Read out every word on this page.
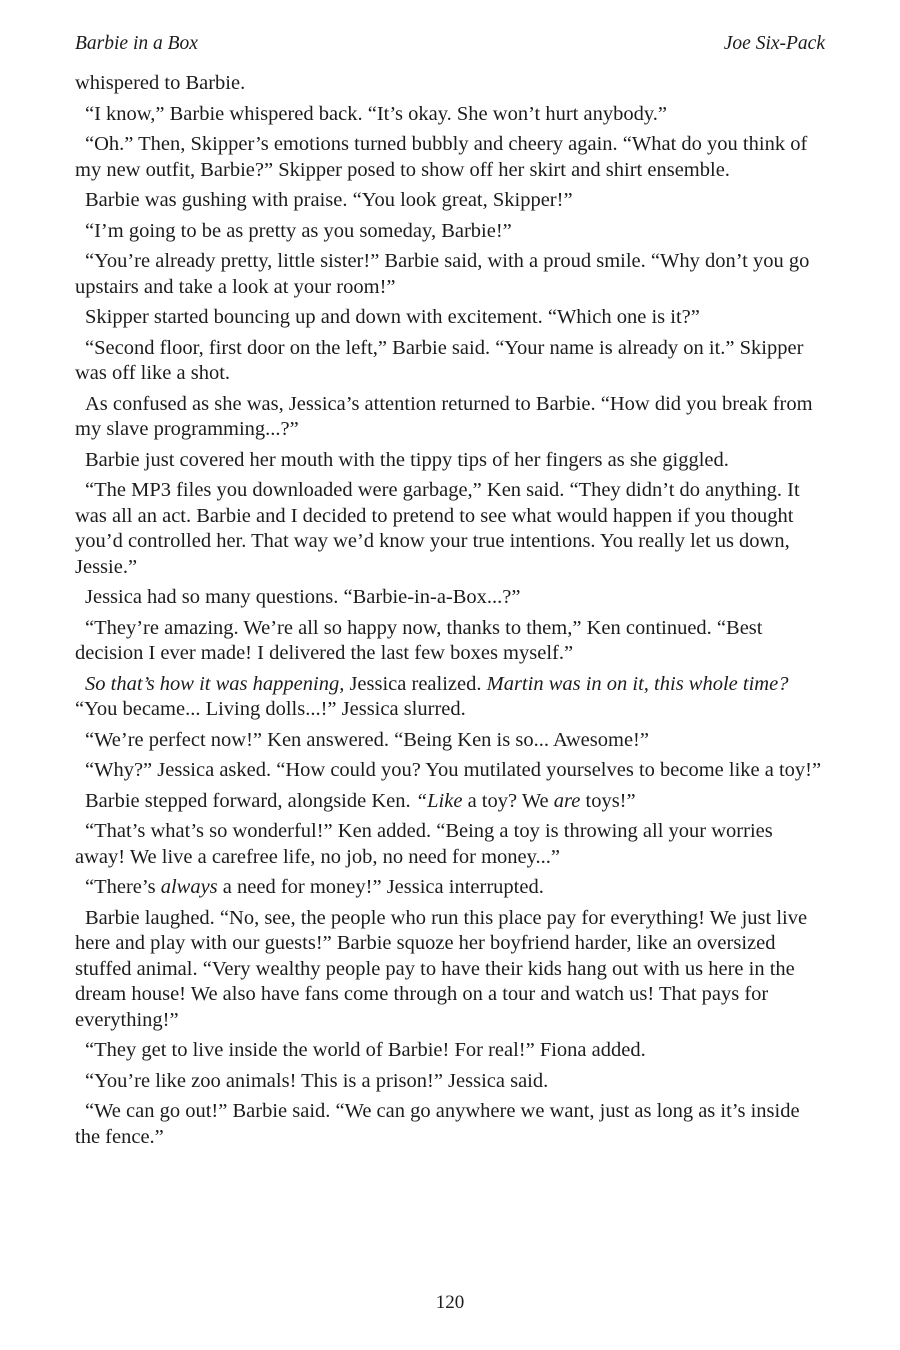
Barbie in a Box	Joe Six-Pack

whispered to Barbie.

“I know,” Barbie whispered back. “It’s okay. She won’t hurt anybody.”

“Oh.” Then, Skipper’s emotions turned bubbly and cheery again. “What do you think of my new outfit, Barbie?” Skipper posed to show off her skirt and shirt ensemble.

Barbie was gushing with praise. “You look great, Skipper!”

“I’m going to be as pretty as you someday, Barbie!”

“You’re already pretty, little sister!” Barbie said, with a proud smile. “Why don’t you go upstairs and take a look at your room!”

Skipper started bouncing up and down with excitement. “Which one is it?”

“Second floor, first door on the left,” Barbie said. “Your name is already on it.” Skipper was off like a shot.

As confused as she was, Jessica’s attention returned to Barbie. “How did you break from my slave programming...?”

Barbie just covered her mouth with the tippy tips of her fingers as she giggled.

“The MP3 files you downloaded were garbage,” Ken said. “They didn’t do anything. It was all an act. Barbie and I decided to pretend to see what would happen if you thought you’d controlled her. That way we’d know your true intentions. You really let us down, Jessie.”

Jessica had so many questions. “Barbie-in-a-Box...?”

“They’re amazing. We’re all so happy now, thanks to them,” Ken continued. “Best decision I ever made! I delivered the last few boxes myself.”

So that’s how it was happening, Jessica realized. Martin was in on it, this whole time? “You became... Living dolls...!” Jessica slurred.

“We’re perfect now!” Ken answered. “Being Ken is so... Awesome!”

“Why?” Jessica asked. “How could you? You mutilated yourselves to become like a toy!”

Barbie stepped forward, alongside Ken. “Like a toy? We are toys!”

“That’s what’s so wonderful!” Ken added. “Being a toy is throwing all your worries away! We live a carefree life, no job, no need for money...”

“There’s always a need for money!” Jessica interrupted.

Barbie laughed. “No, see, the people who run this place pay for everything! We just live here and play with our guests!” Barbie squoze her boyfriend harder, like an oversized stuffed animal. “Very wealthy people pay to have their kids hang out with us here in the dream house! We also have fans come through on a tour and watch us! That pays for everything!”

“They get to live inside the world of Barbie! For real!” Fiona added.

“You’re like zoo animals! This is a prison!” Jessica said.

“We can go out!” Barbie said. “We can go anywhere we want, just as long as it’s inside the fence.”

120
